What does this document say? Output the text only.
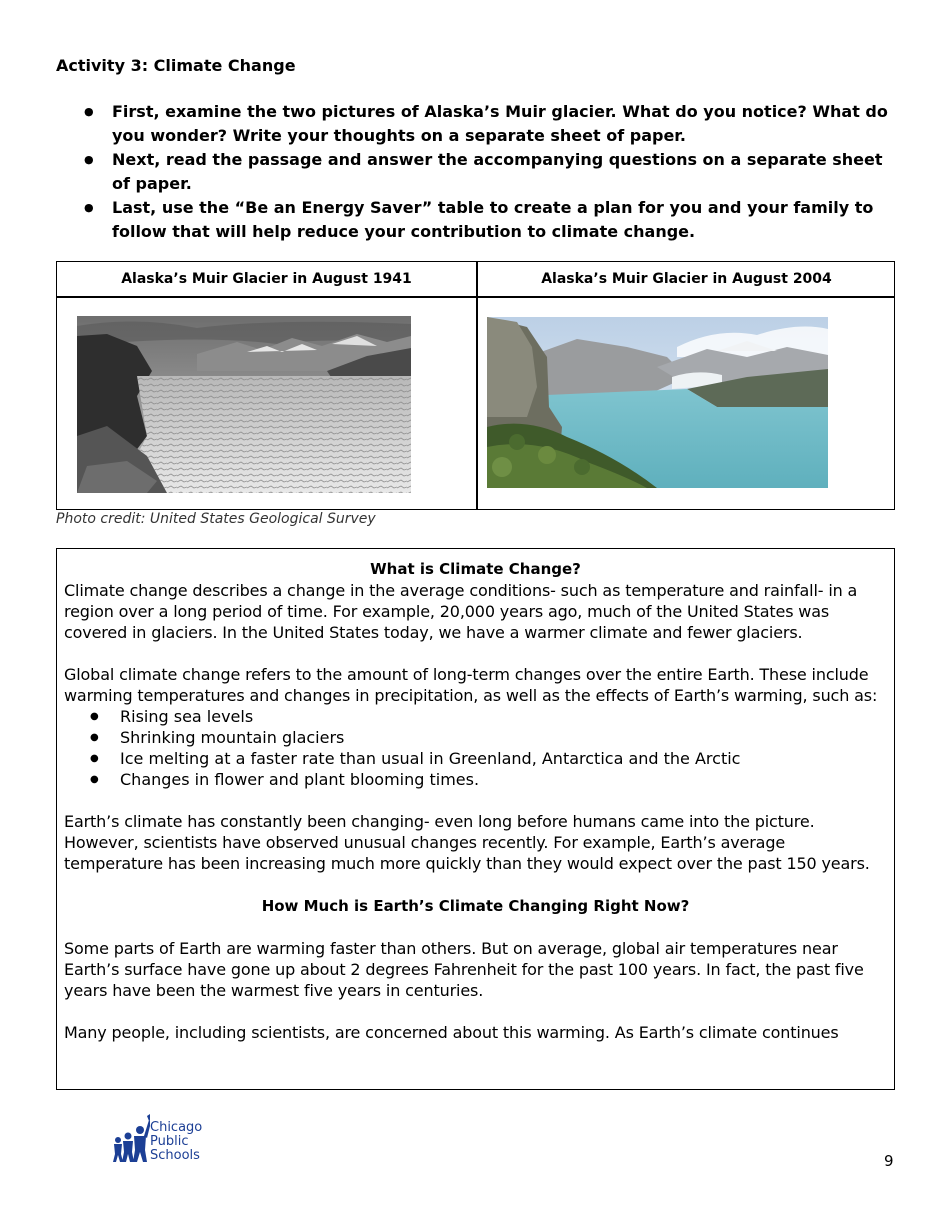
Activity 3: Climate Change
● First, examine the two pictures of Alaska’s Muir glacier. What do you notice? What do you wonder? Write your thoughts on a separate sheet of paper.
● Next, read the passage and answer the accompanying questions on a separate sheet of paper.
● Last, use the “Be an Energy Saver” table to create a plan for you and your family to follow that will help reduce your contribution to climate change.
Alaska’s Muir Glacier in August 1941	Alaska’s Muir Glacier in August 2004

Photo credit: United States Geological Survey

What is Climate Change?

Climate change describes a change in the average conditions- such as temperature and rainfall- in a region over a long period of time. For example, 20,000 years ago, much of the United States was covered in glaciers. In the United States today, we have a warmer climate and fewer glaciers.

Global climate change refers to the amount of long-term changes over the entire Earth. These include warming temperatures and changes in precipitation, as well as the effects of Earth’s warming, such as:

● Rising sea levels
● Shrinking mountain glaciers
● Ice melting at a faster rate than usual in Greenland, Antarctica and the Arctic
● Changes in flower and plant blooming times.

Earth’s climate has constantly been changing- even long before humans came into the picture. However, scientists have observed unusual changes recently. For example, Earth’s average temperature has been increasing much more quickly than they would expect over the past 150 years.

How Much is Earth’s Climate Changing Right Now?

Some parts of Earth are warming faster than others. But on average, global air temperatures near Earth’s surface have gone up about 2 degrees Fahrenheit for the past 100 years. In fact, the past five years have been the warmest five years in centuries.

Many people, including scientists, are concerned about this warming. As Earth’s climate continues

Chicago
Public
Schools	9
